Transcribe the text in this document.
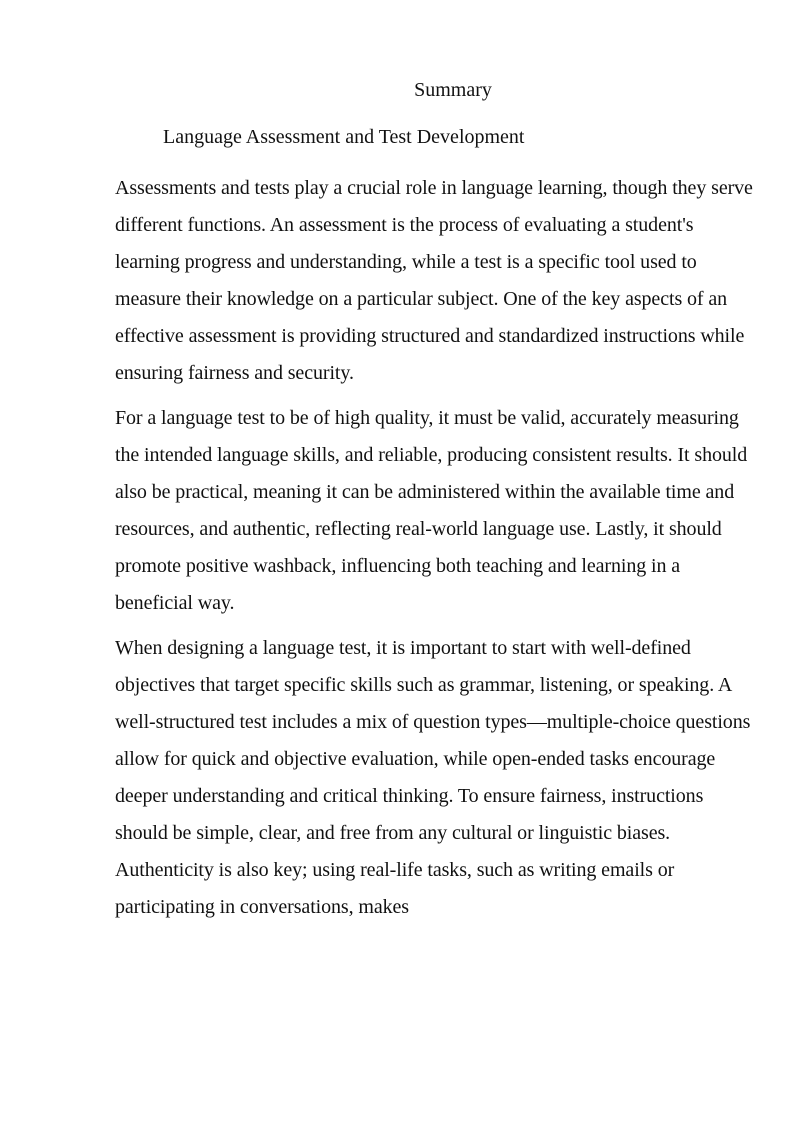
Summary
Language Assessment and Test Development

Assessments and tests play a crucial role in language learning, though they serve different functions. An assessment is the process of evaluating a student's learning progress and understanding, while a test is a specific tool used to measure their knowledge on a particular subject. One of the key aspects of an effective assessment is providing structured and standardized instructions while ensuring fairness and security.

For a language test to be of high quality, it must be valid, accurately measuring the intended language skills, and reliable, producing consistent results. It should also be practical, meaning it can be administered within the available time and resources, and authentic, reflecting real-world language use. Lastly, it should promote positive washback, influencing both teaching and learning in a beneficial way.

When designing a language test, it is important to start with well-defined objectives that target specific skills such as grammar, listening, or speaking. A well-structured test includes a mix of question types—multiple-choice questions allow for quick and objective evaluation, while open-ended tasks encourage deeper understanding and critical thinking. To ensure fairness, instructions should be simple, clear, and free from any cultural or linguistic biases. Authenticity is also key; using real-life tasks, such as writing emails or participating in conversations, makes
